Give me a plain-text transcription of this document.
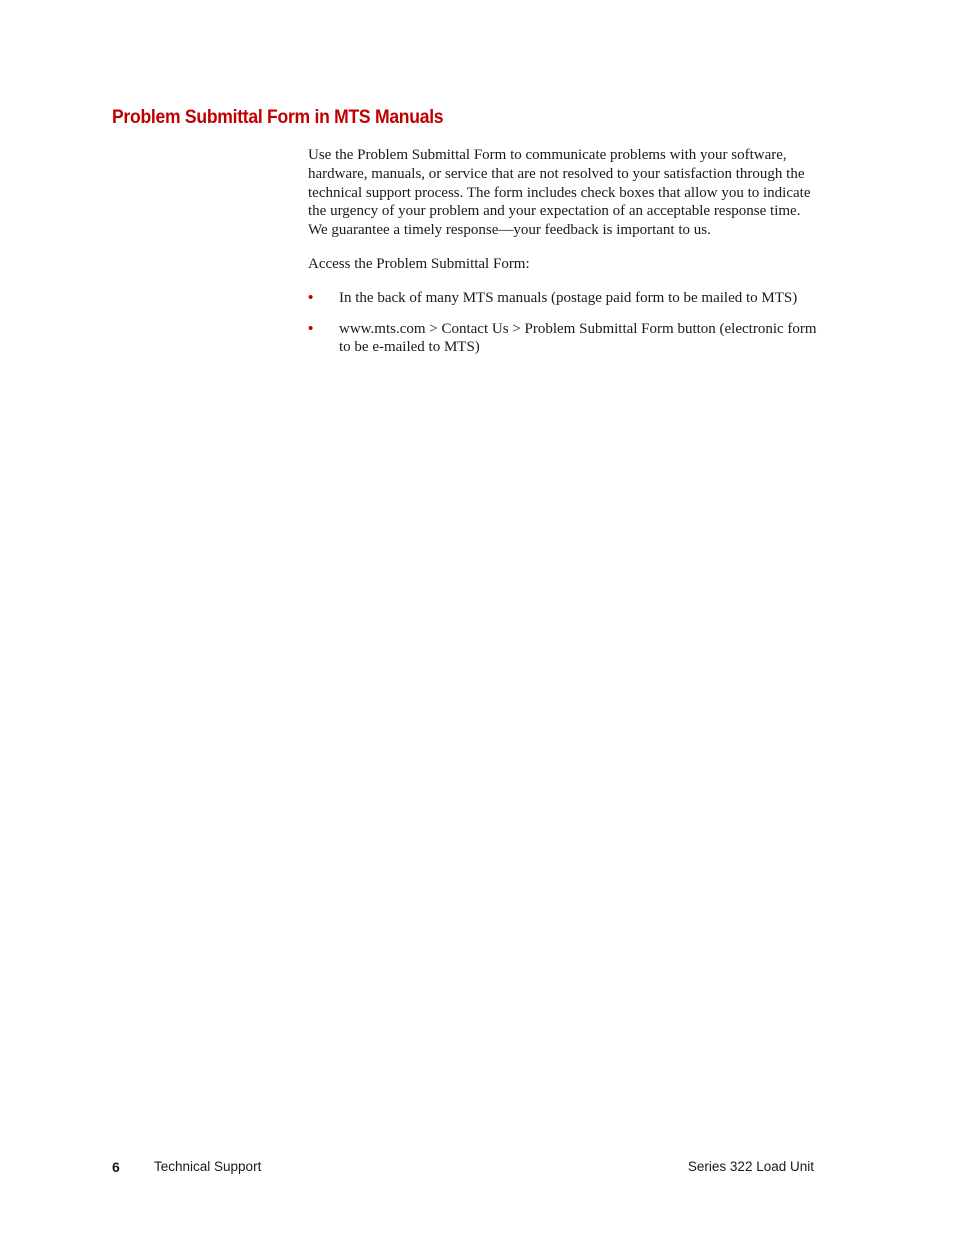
Problem Submittal Form in MTS Manuals

Use the Problem Submittal Form to communicate problems with your software, hardware, manuals, or service that are not resolved to your satisfaction through the technical support process. The form includes check boxes that allow you to indicate the urgency of your problem and your expectation of an acceptable response time. We guarantee a timely response—your feedback is important to us.

Access the Problem Submittal Form:

• In the back of many MTS manuals (postage paid form to be mailed to MTS)
• www.mts.com > Contact Us > Problem Submittal Form button (electronic form to be e-mailed to MTS)
6	Technical Support	Series 322 Load Unit
